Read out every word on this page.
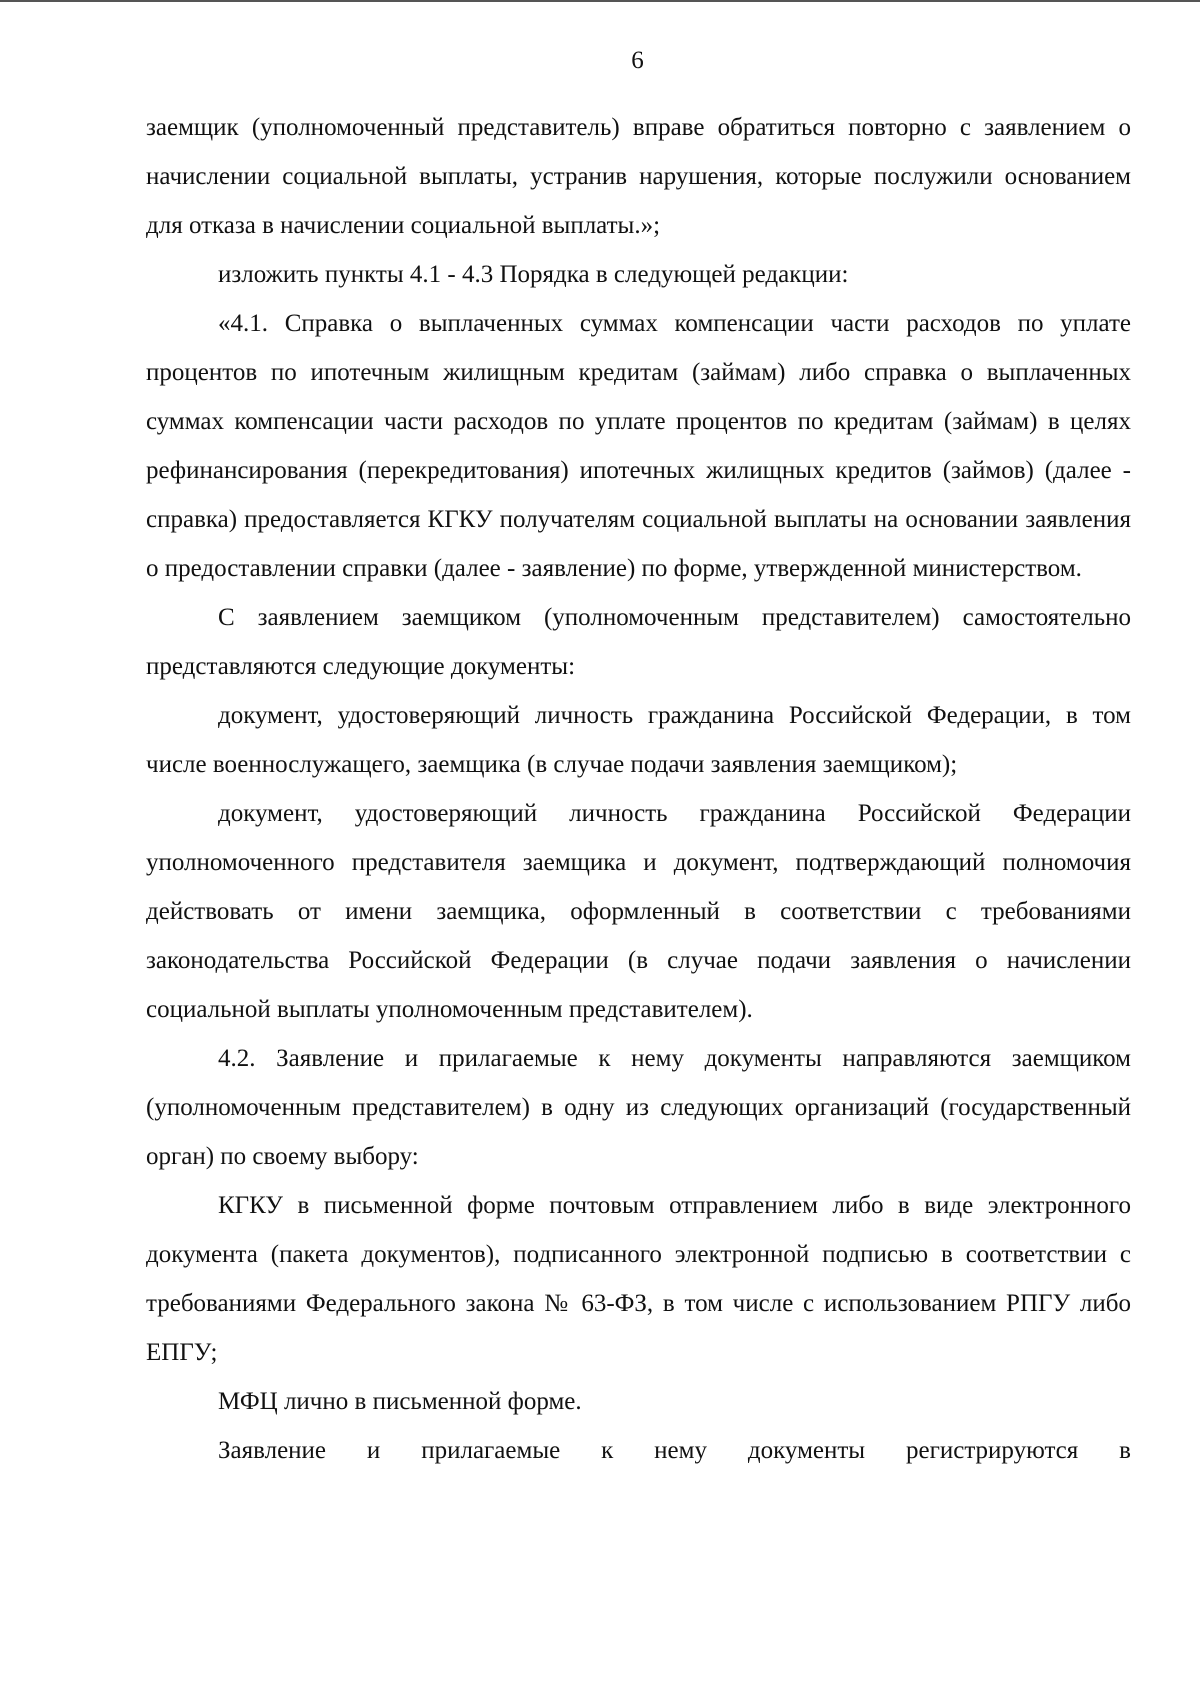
6

заемщик (уполномоченный представитель) вправе обратиться повторно с заявлением о начислении социальной выплаты, устранив нарушения, которые послужили основанием для отказа в начислении социальной выплаты.»;

изложить пункты 4.1 - 4.3 Порядка в следующей редакции:

«4.1. Справка о выплаченных суммах компенсации части расходов по уплате процентов по ипотечным жилищным кредитам (займам) либо справка о выплаченных суммах компенсации части расходов по уплате процентов по кредитам (займам) в целях рефинансирования (перекредитования) ипотечных жилищных кредитов (займов) (далее - справка) предоставляется КГКУ получателям социальной выплаты на основании заявления о предоставлении справки (далее - заявление) по форме, утвержденной министерством.

С заявлением заемщиком (уполномоченным представителем) самостоятельно представляются следующие документы:

документ, удостоверяющий личность гражданина Российской Федерации, в том числе военнослужащего, заемщика (в случае подачи заявления заемщиком);

документ, удостоверяющий личность гражданина Российской Федерации уполномоченного представителя заемщика и документ, подтверждающий полномочия действовать от имени заемщика, оформленный в соответствии с требованиями законодательства Российской Федерации (в случае подачи заявления о начислении социальной выплаты уполномоченным представителем).

4.2. Заявление и прилагаемые к нему документы направляются заемщиком (уполномоченным представителем) в одну из следующих организаций (государственный орган) по своему выбору:

КГКУ в письменной форме почтовым отправлением либо в виде электронного документа (пакета документов), подписанного электронной подписью в соответствии с требованиями Федерального закона № 63-ФЗ, в том числе с использованием РПГУ либо ЕПГУ;

МФЦ лично в письменной форме.

Заявление и прилагаемые к нему документы регистрируются в
